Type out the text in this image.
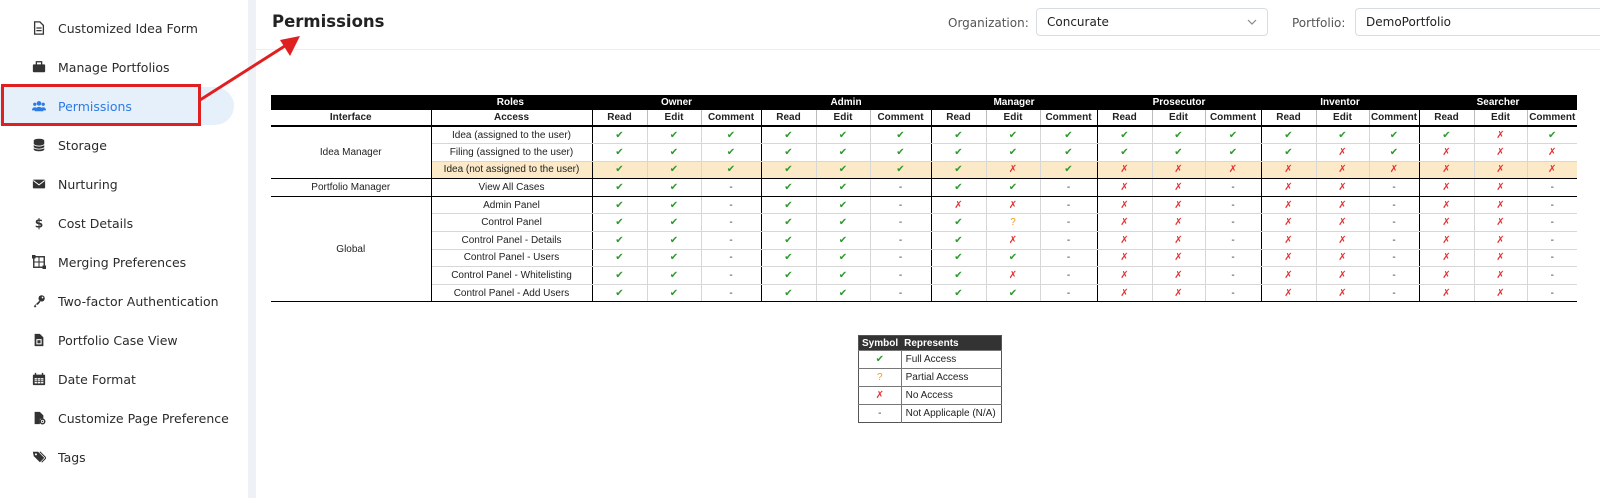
Customized Idea Form
Manage Portfolios
Permissions
Storage
Nurturing
$ Cost Details
Merging Preferences
Two-factor Authentication
Portfolio Case View
Date Format
Customize Page Preference
Tags
Permissions	Organization: Concurate	Portfolio: DemoPortfolio
Roles		Owner			Admin			Manager			Prosecutor			Inventor			Searcher		
Interface	Access	Read	Edit	Comment	Read	Edit	Comment	Read	Edit	Comment	Read	Edit	Comment	Read	Edit	Comment	Read	Edit	Comment
Idea Manager	Idea (assigned to the user)	✔	✔	✔	✔	✔	✔	✔	✔	✔	✔	✔	✔	✔	✔	✔	✔	✗	✔
	Filing (assigned to the user)	✔	✔	✔	✔	✔	✔	✔	✔	✔	✔	✔	✔	✔	✗	✔	✗	✗	✗
	Idea (not assigned to the user)	✔	✔	✔	✔	✔	✔	✔	✗	✔	✗	✗	✗	✗	✗	✗	✗	✗	✗
Portfolio Manager	View All Cases	✔	✔	-	✔	✔	-	✔	✔	-	✗	✗	-	✗	✗	-	✗	✗	-
Global	Admin Panel	✔	✔	-	✔	✔	-	✗	✗	-	✗	✗	-	✗	✗	-	✗	✗	-
	Control Panel	✔	✔	-	✔	✔	-	✔	?	-	✗	✗	-	✗	✗	-	✗	✗	-
	Control Panel - Details	✔	✔	-	✔	✔	-	✔	✗	-	✗	✗	-	✗	✗	-	✗	✗	-
	Control Panel - Users	✔	✔	-	✔	✔	-	✔	✔	-	✗	✗	-	✗	✗	-	✗	✗	-
	Control Panel - Whitelisting	✔	✔	-	✔	✔	-	✔	✗	-	✗	✗	-	✗	✗	-	✗	✗	-
	Control Panel - Add Users	✔	✔	-	✔	✔	-	✔	✔	-	✗	✗	-	✗	✗	-	✗	✗	-
Symbol	Represents
✔	Full Access
?	Partial Access
✗	No Access
-	Not Applicaple (N/A)
